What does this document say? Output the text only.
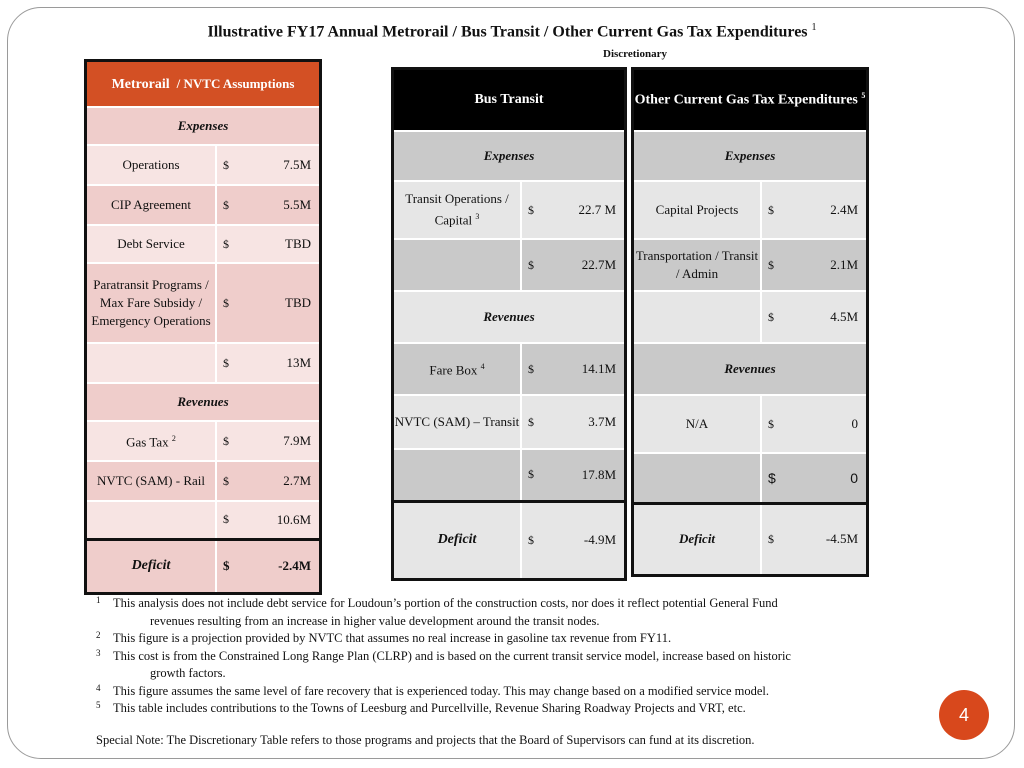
Illustrative FY17 Annual Metrorail / Bus Transit / Other Current Gas Tax Expenditures $^1$
Discretionary
Metrorail / NVTC Assumptions		
Expenses		
Operations	$	7.5M
CIP Agreement	$	5.5M
Debt Service	$	TBD
Paratransit Programs / Max Fare Subsidy / Emergency Operations	$	TBD
	$	13M
Revenues		
Gas Tax $^2$	$	7.9M
NVTC (SAM) - Rail	$	2.7M
	$	10.6M
Deficit	$	-2.4M
Bus Transit		
Expenses		
Transit Operations / Capital $^3$	$	22.7 M
	$	22.7M
Revenues		
Fare Box $^4$	$	14.1M
NVTC (SAM) – Transit	$	3.7M
	$	17.8M
Deficit	$	-4.9M
Other Current Gas Tax Expenditures $^5$
Expenses		
Capital Projects	$	2.4M
Transportation / Transit / Admin	$	2.1M
	$	4.5M
Revenues		
N/A	$	0
	$	0
Deficit	$	-4.5M
1 This analysis does not include debt service for Loudoun’s portion of the construction costs, nor does it reflect potential General Fund
revenues resulting from an increase in higher value development around the transit nodes.
2 This figure is a projection provided by NVTC that assumes no real increase in gasoline tax revenue from FY11.
3 This cost is from the Constrained Long Range Plan (CLRP) and is based on the current transit service model, increase based on historic
growth factors.
4 This figure assumes the same level of fare recovery that is experienced today. This may change based on a modified service model.
5 This table includes contributions to the Towns of Leesburg and Purcellville, Revenue Sharing Roadway Projects and VRT, etc.
Special Note: The Discretionary Table refers to those programs and projects that the Board of Supervisors can fund at its discretion.
4
